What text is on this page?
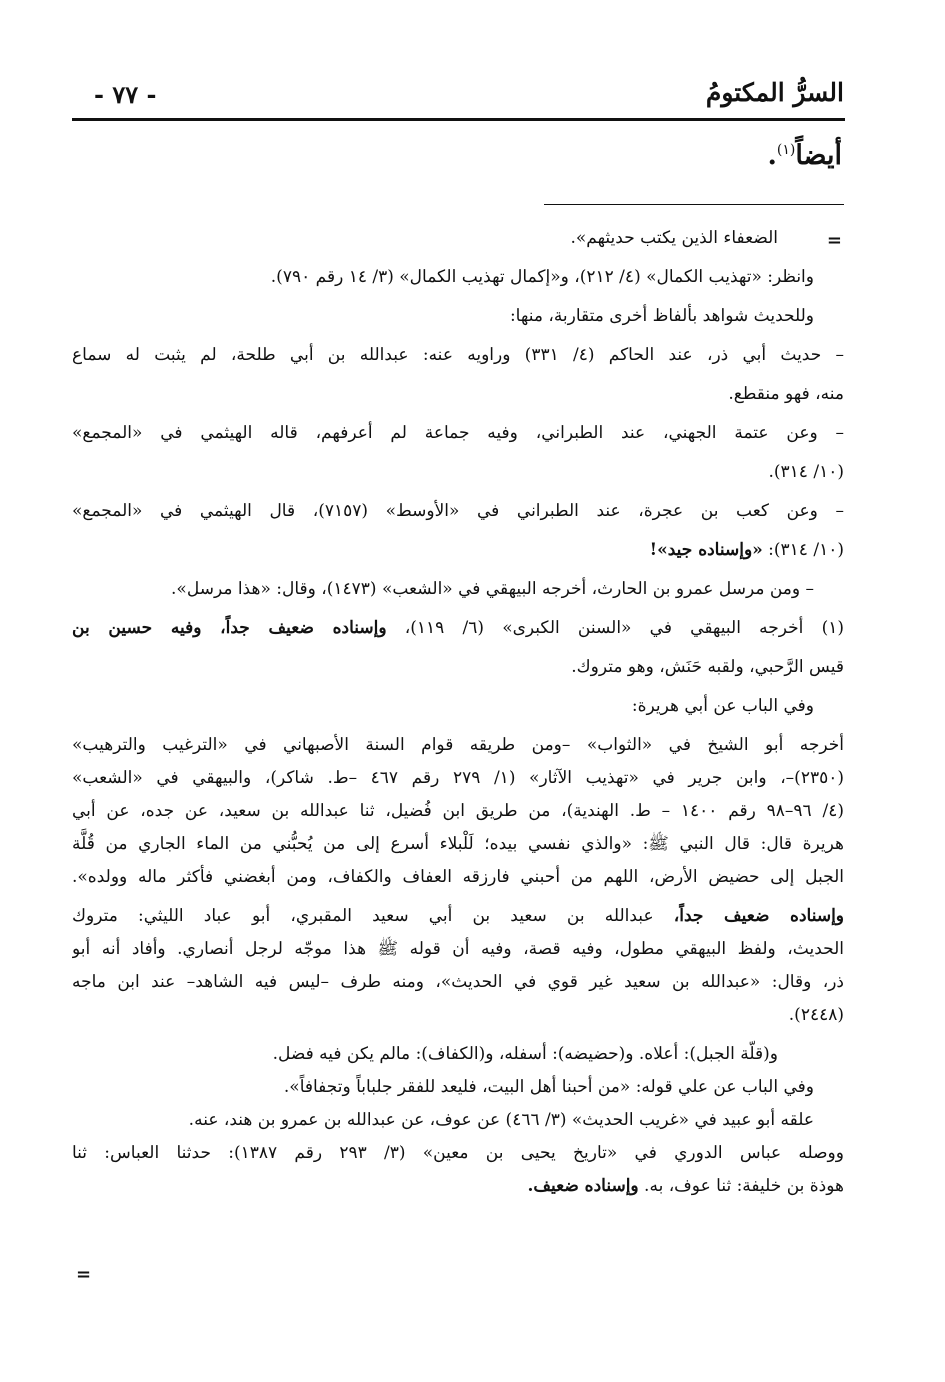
السرُّ المكتومُ
- ٧٧ -
أيضاً$^{(١)}$.
=
الضعفاء الذين يكتب حديثهم».
وانظر: «تهذيب الكمال» (٤/ ٢١٢)، و«إكمال تهذيب الكمال» (٣/ ١٤ رقم ٧٩٠).
وللحديث شواهد بألفاظ أخرى متقاربة، منها:
– حديث أبي ذر، عند الحاكم (٤/ ٣٣١) وراويه عنه: عبدالله بن أبي طلحة، لم يثبت له سماع
منه، فهو منقطع.
– وعن عتمة الجهني، عند الطبراني، وفيه جماعة لم أعرفهم، قاله الهيثمي في «المجمع»
(١٠/ ٣١٤).
– وعن كعب بن عجرة، عند الطبراني في «الأوسط» (٧١٥٧)، قال الهيثمي في «المجمع»
(١٠/ ٣١٤): «وإسناده جيد»!
– ومن مرسل عمرو بن الحارث، أخرجه البيهقي في «الشعب» (١٤٧٣)، وقال: «هذا مرسل».
(١) أخرجه البيهقي في «السنن الكبرى» (٦/ ١١٩)، وإسناده ضعيف جداً، وفيه حسين بن
قيس الرَّحبي، ولقبه حَنَش، وهو متروك.
وفي الباب عن أبي هريرة:
أخرجه أبو الشيخ في «الثواب» –ومن طريقه قوام السنة الأصبهاني في «الترغيب والترهيب»
(٢٣٥٠)–، وابن جرير في «تهذيب الآثار» (١/ ٢٧٩ رقم ٤٦٧ –ط. شاكر)، والبيهقي في «الشعب»
(٤/ ٩٦–٩٨ رقم ١٤٠٠ – ط. الهندية)، من طريق ابن فُضيل، ثنا عبدالله بن سعيد، عن جده، عن أبي
هريرة قال: قال النبي ﷺ: «والذي نفسي بيده؛ لَلْبلاء أسرع إلى من يُحبُّني من الماء الجاري من قُلَّة
الجبل إلى حضيض الأرض، اللهم من أحبني فارزقه العفاف والكفاف، ومن أبغضني فأكثر ماله وولده».
وإسناده ضعيف جداً، عبدالله بن سعيد بن أبي سعيد المقبري، أبو عباد الليثي: متروك
الحديث، ولفظ البيهقي مطول، وفيه قصة، وفيه أن قوله ﷺ هذا موجّه لرجل أنصاري. وأفاد أنه أبو
ذر، وقال: «عبدالله بن سعيد غير قوي في الحديث»، ومنه طرف –ليس فيه الشاهد– عند ابن ماجه
(٢٤٤٨).
و(قلّة الجبل): أعلاه. و(حضيضه): أسفله، و(الكفاف): مالم يكن فيه فضل.
وفي الباب عن علي قوله: «من أحبنا أهل البيت، فليعد للفقر جلباباً وتجفافاً».
علقه أبو عبيد في «غريب الحديث» (٣/ ٤٦٦) عن عوف، عن عبدالله بن عمرو بن هند، عنه.
ووصله عباس الدوري في «تاريخ يحيى بن معين» (٣/ ٢٩٣ رقم ١٣٨٧): حدثنا العباس: ثنا
هوذة بن خليفة: ثنا عوف، به. وإسناده ضعيف.
=
